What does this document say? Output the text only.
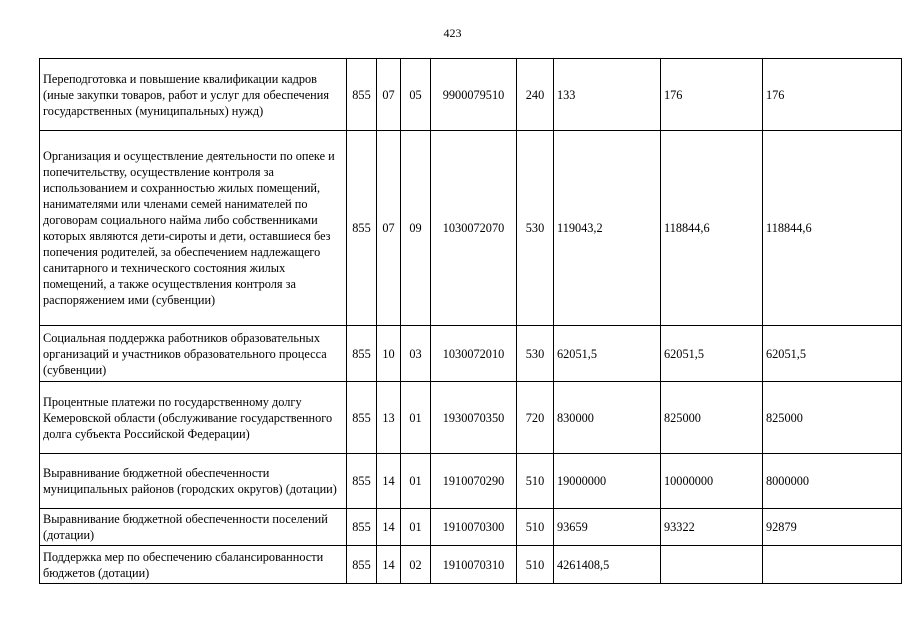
423
Переподготовка и повышение квалификации кадров (иные закупки товаров, работ и услуг для обеспечения государственных (муниципальных) нужд)	855	07	05	9900079510	240	133	176	176
Организация и осуществление деятельности по опеке и попечительству, осуществление контроля за использованием и сохранностью жилых помещений, нанимателями или членами семей нанимателей по договорам социального найма либо собственниками которых являются дети-сироты и дети, оставшиеся без попечения родителей, за обеспечением надлежащего санитарного и технического состояния жилых помещений, а также осуществления контроля за распоряжением ими (субвенции)	855	07	09	1030072070	530	119043,2	118844,6	118844,6
Социальная поддержка работников образовательных организаций и участников образовательного процесса (субвенции)	855	10	03	1030072010	530	62051,5	62051,5	62051,5
Процентные платежи по государственному долгу Кемеровской области (обслуживание государственного долга субъекта Российской Федерации)	855	13	01	1930070350	720	830000	825000	825000
Выравнивание бюджетной обеспеченности муниципальных районов (городских округов) (дотации)	855	14	01	1910070290	510	19000000	10000000	8000000
Выравнивание бюджетной обеспеченности поселений (дотации)	855	14	01	1910070300	510	93659	93322	92879
Поддержка мер по обеспечению сбалансированности бюджетов (дотации)	855	14	02	1910070310	510	4261408,5		
